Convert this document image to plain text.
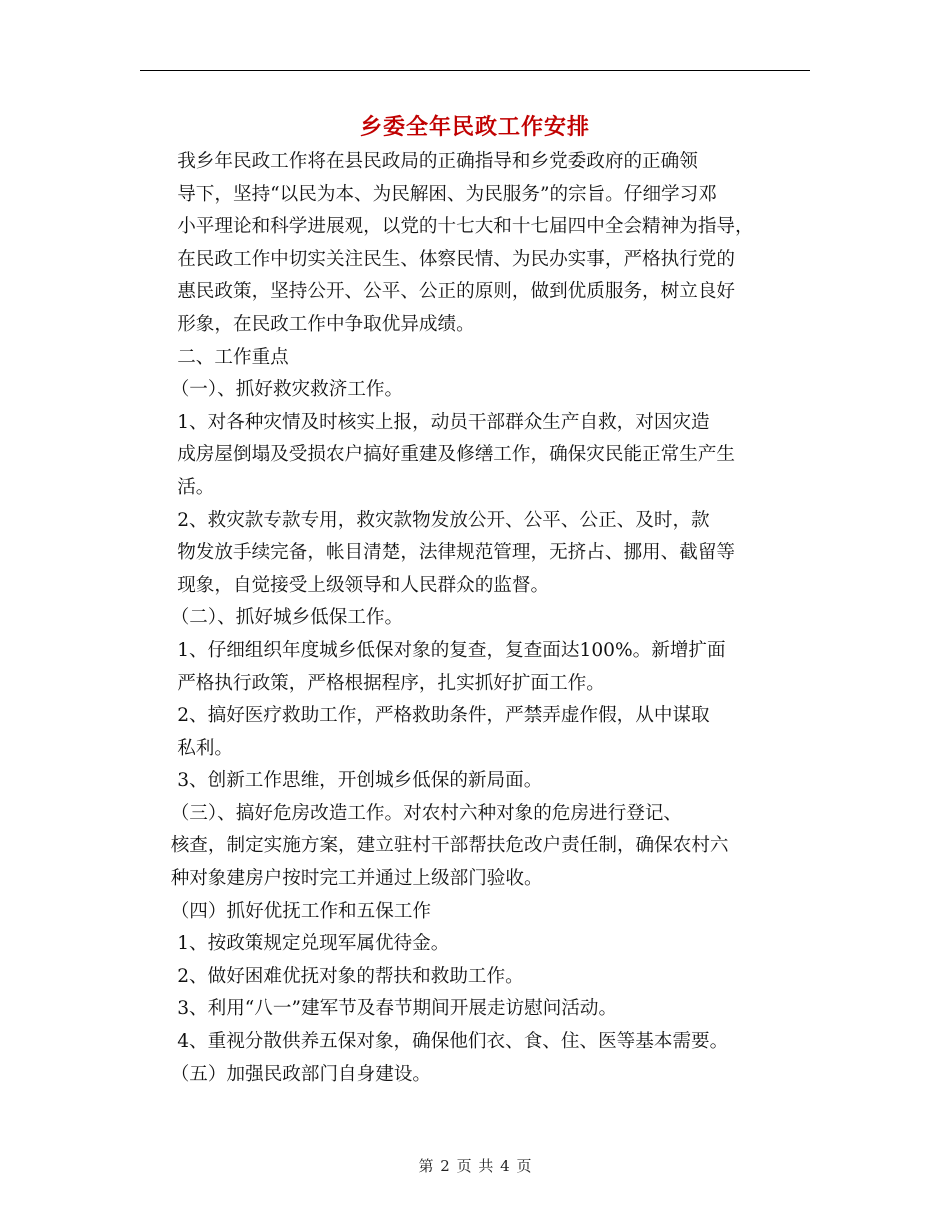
乡委全年民政工作安排

我乡年民政工作将在县民政局的正确指导和乡党委政府的正确领
导下，坚持“以民为本、为民解困、为民服务”的宗旨。仔细学习邓
小平理论和科学进展观，以党的十七大和十七届四中全会精神为指导，
在民政工作中切实关注民生、体察民情、为民办实事，严格执行党的
惠民政策，坚持公开、公平、公正的原则，做到优质服务，树立良好
形象，在民政工作中争取优异成绩。

二、工作重点

（一）、抓好救灾救济工作。

1、对各种灾情及时核实上报，动员干部群众生产自救，对因灾造
成房屋倒塌及受损农户搞好重建及修缮工作，确保灾民能正常生产生
活。

2、救灾款专款专用，救灾款物发放公开、公平、公正、及时，款
物发放手续完备，帐目清楚，法律规范管理，无挤占、挪用、截留等
现象，自觉接受上级领导和人民群众的监督。

（二）、抓好城乡低保工作。

1、仔细组织年度城乡低保对象的复查，复查面达100%。新增扩面
严格执行政策，严格根据程序，扎实抓好扩面工作。

2、搞好医疗救助工作，严格救助条件，严禁弄虚作假，从中谋取
私利。

3、创新工作思维，开创城乡低保的新局面。

（三）、搞好危房改造工作。对农村六种对象的危房进行登记、
核查，制定实施方案，建立驻村干部帮扶危改户责任制，确保农村六
种对象建房户按时完工并通过上级部门验收。

（四）抓好优抚工作和五保工作

1、按政策规定兑现军属优待金。

2、做好困难优抚对象的帮扶和救助工作。

3、利用“八一”建军节及春节期间开展走访慰问活动。

4、重视分散供养五保对象，确保他们衣、食、住、医等基本需要。

（五）加强民政部门自身建设。

第 2 页 共 4 页
